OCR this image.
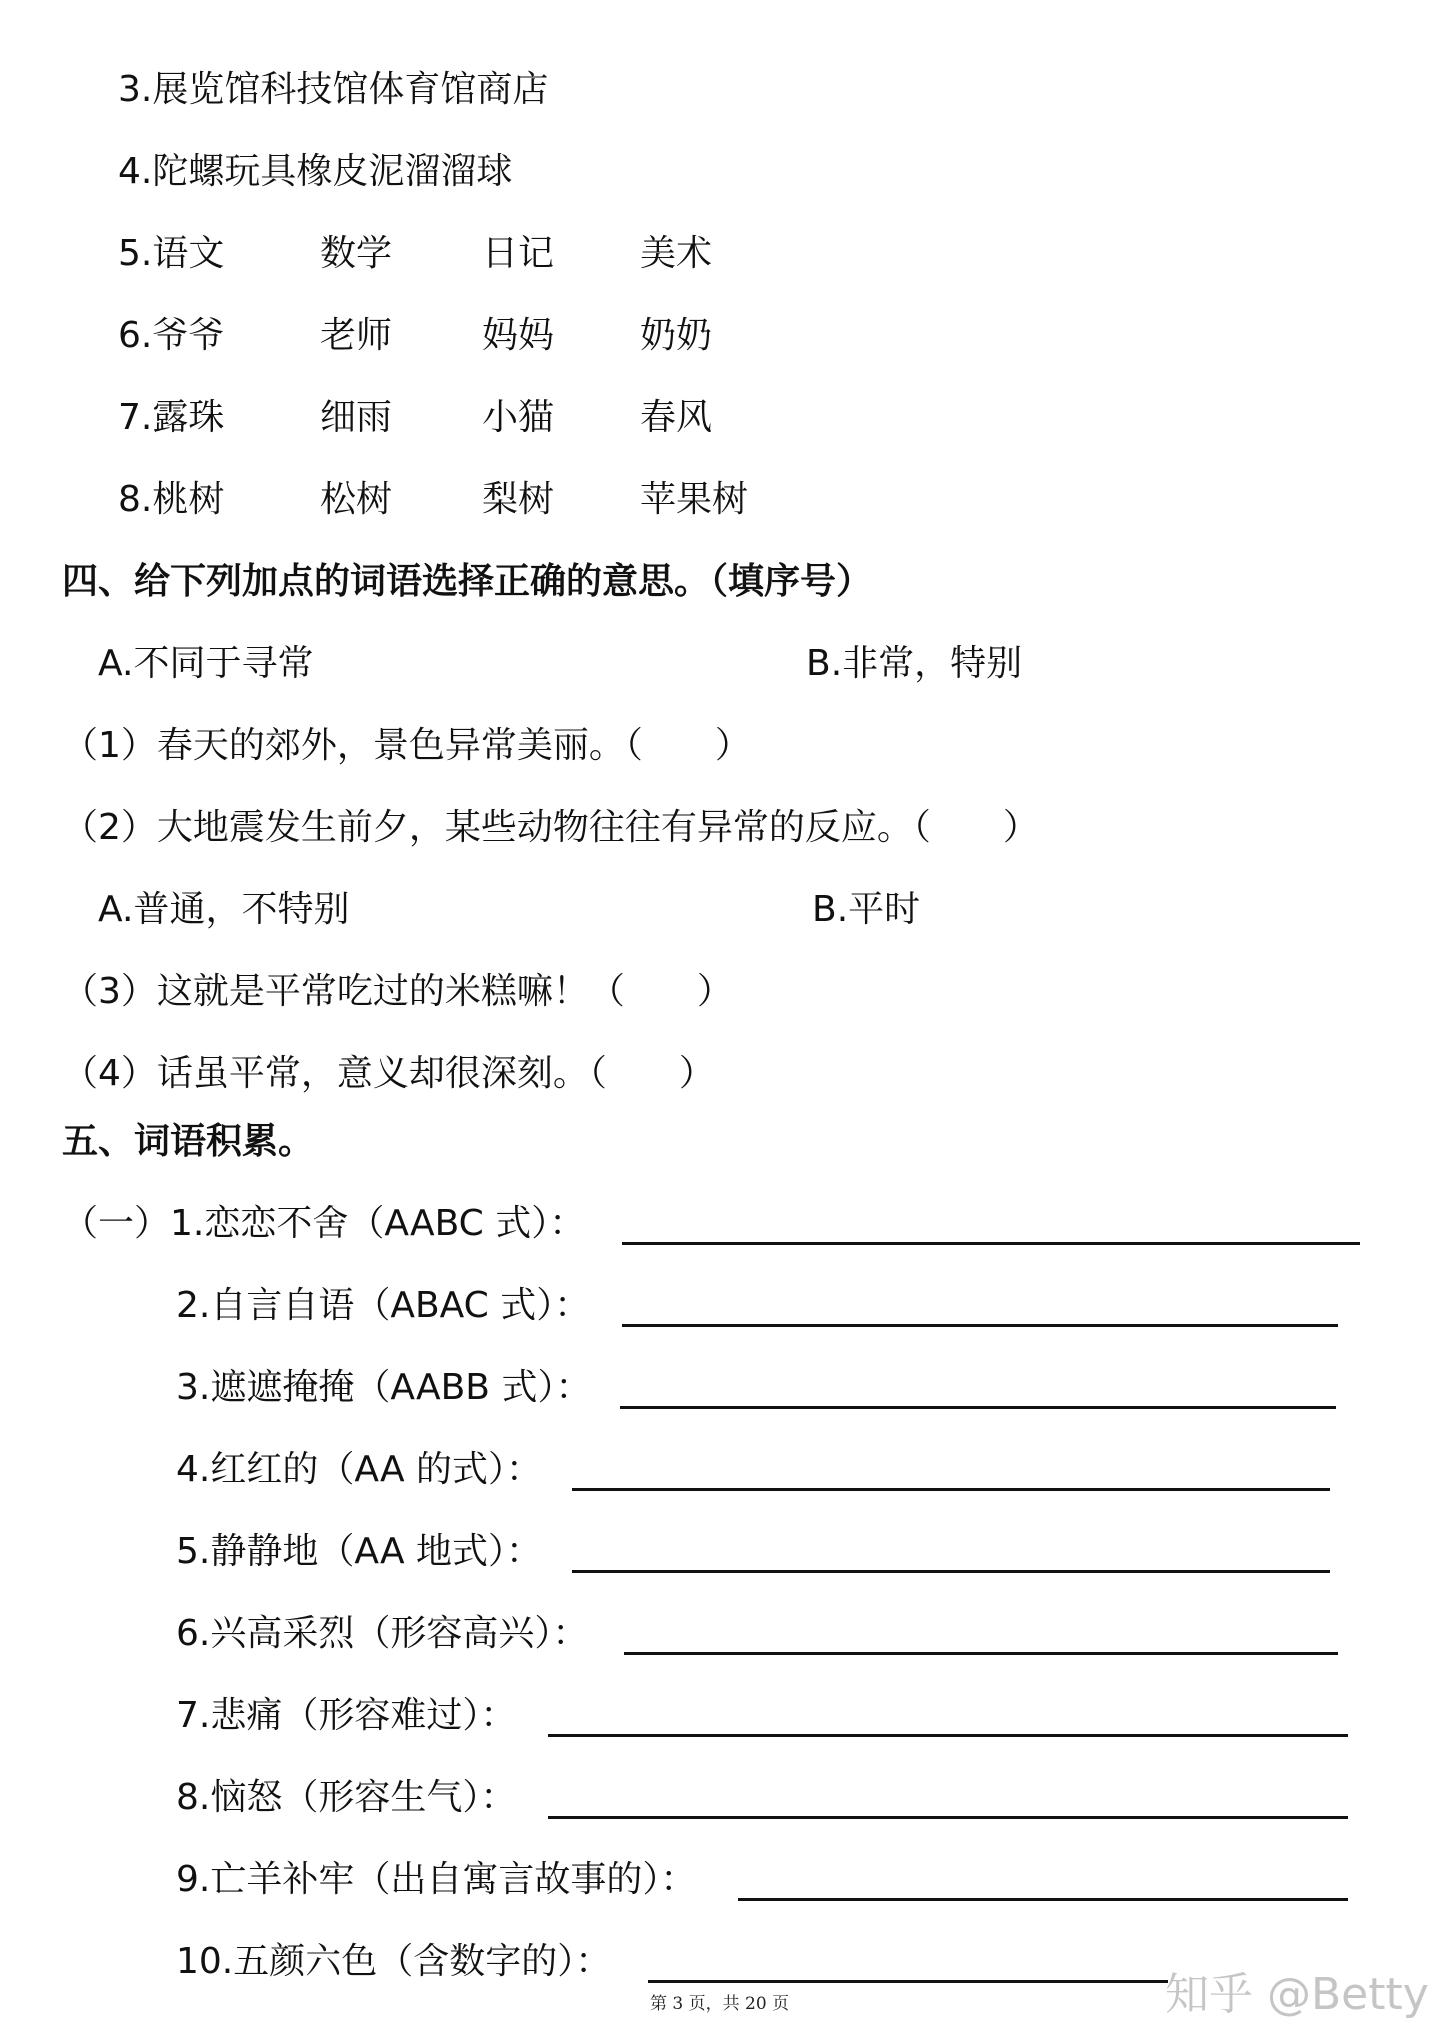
3.展览馆科技馆体育馆商店
4.陀螺玩具橡皮泥溜溜球
5.语文	数学 日记 美术
6.爷爷	老师 妈妈 奶奶
7.露珠	细雨 小猫 春风
8.桃树	松树 梨树 苹果树
四、给下列加点的词语选择正确的意思。（填序号）
A.不同于寻常	B.非常，特别
（1）春天的郊外，景色异常美丽。（　　）
（2）大地震发生前夕，某些动物往往有异常的反应。（　　）
A.普通，不特别	B.平时
（3）这就是平常吃过的米糕嘛！（　　）
（4）话虽平常，意义却很深刻。（　　）
五、词语积累。
（一）1.恋恋不舍（AABC 式）：
2.自言自语（ABAC 式）：
3.遮遮掩掩（AABB 式）：
4.红红的（AA 的式）：
5.静静地（AA 地式）：
6.兴高采烈（形容高兴）：
7.悲痛（形容难过）：
8.恼怒（形容生气）：
9.亡羊补牢（出自寓言故事的）：
10.五颜六色（含数字的）：
第 3 页，共 20 页	知乎 @Betty
